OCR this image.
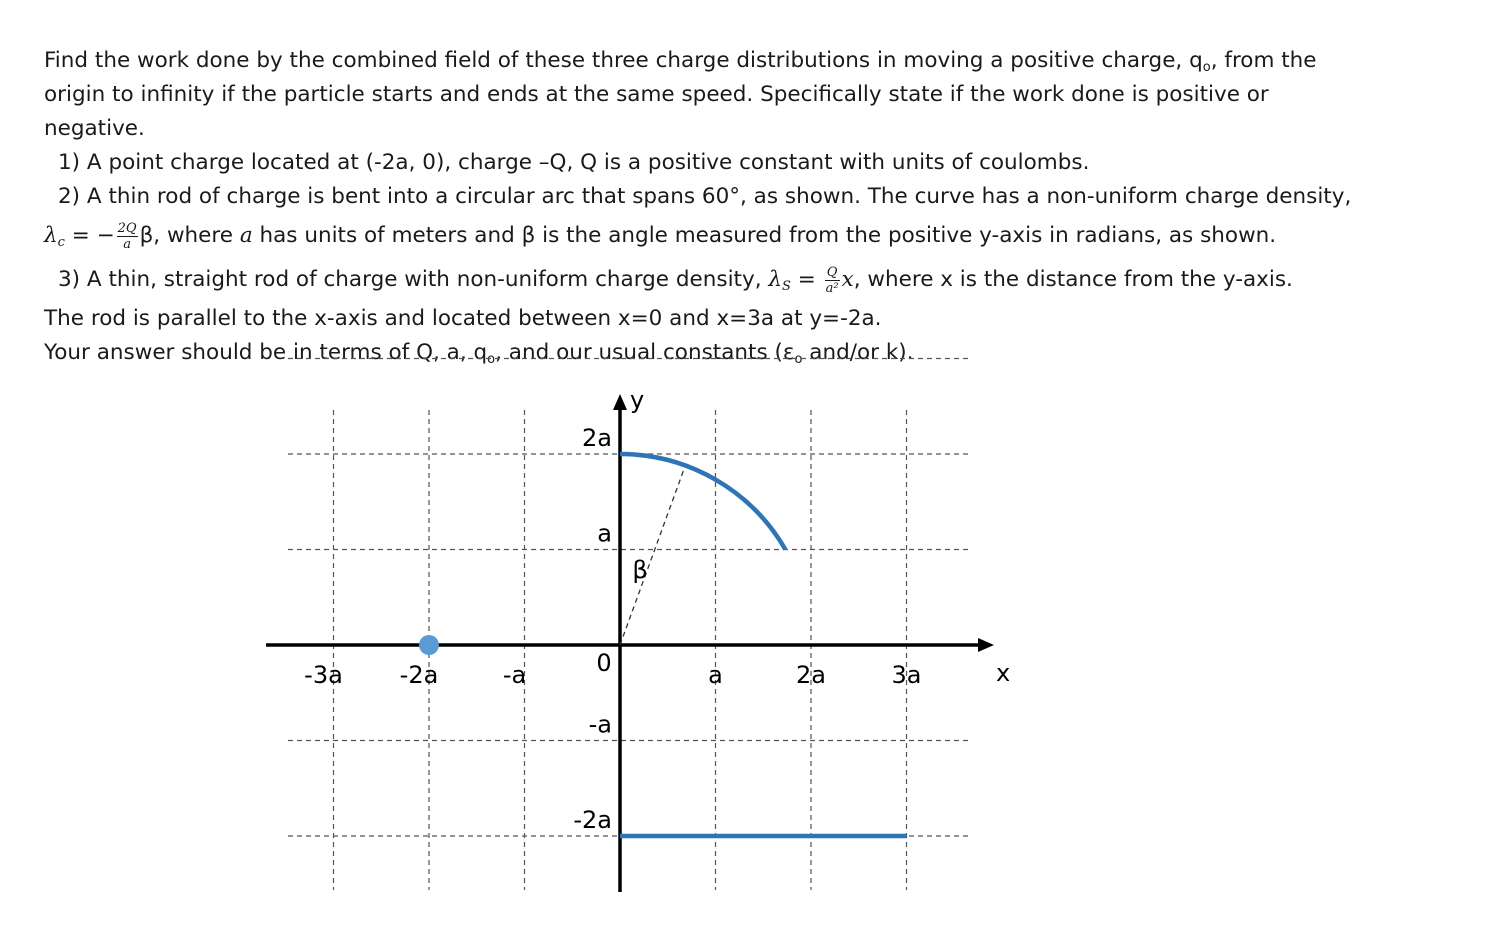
Find the work done by the combined field of these three charge distributions in moving a positive charge, $q_o$, from the
origin to infinity if the particle starts and ends at the same speed. Specifically state if the work done is positive or
negative.
1) A point charge located at (-2a, 0), charge –Q, Q is a positive constant with units of coulombs.
2) A thin rod of charge is bent into a circular arc that spans 60°, as shown. The curve has a non-uniform charge density,
$\lambda_c$ = − $\frac{2Q}{a} \beta$, where a has units of meters and β is the angle measured from the positive y-axis in radians, as shown.
3) A thin, straight rod of charge with non-uniform charge density, $\lambda_S = \frac{Q}{\text{a²}} x$, where x is the distance from the y-axis.
The rod is parallel to the x-axis and located between x=0 and x=3a at y=-2a.
Your answer should be in terms of Q, a, $q_o$, and our usual constants ($\varepsilon_o$ and/or k).
y
x
0
β
-3a -2a	-a	a	2a	3a
2a
a
-a
-2a
